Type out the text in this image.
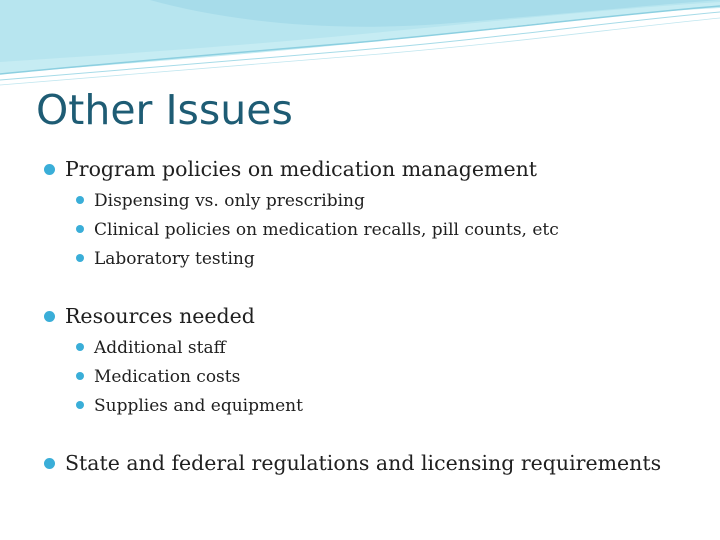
Other Issues
Program policies on medication management
Dispensing vs. only prescribing
Clinical policies on medication recalls, pill counts, etc
Laboratory testing
Resources needed
Additional staff
Medication costs
Supplies and equipment
State and federal regulations and licensing requirements
